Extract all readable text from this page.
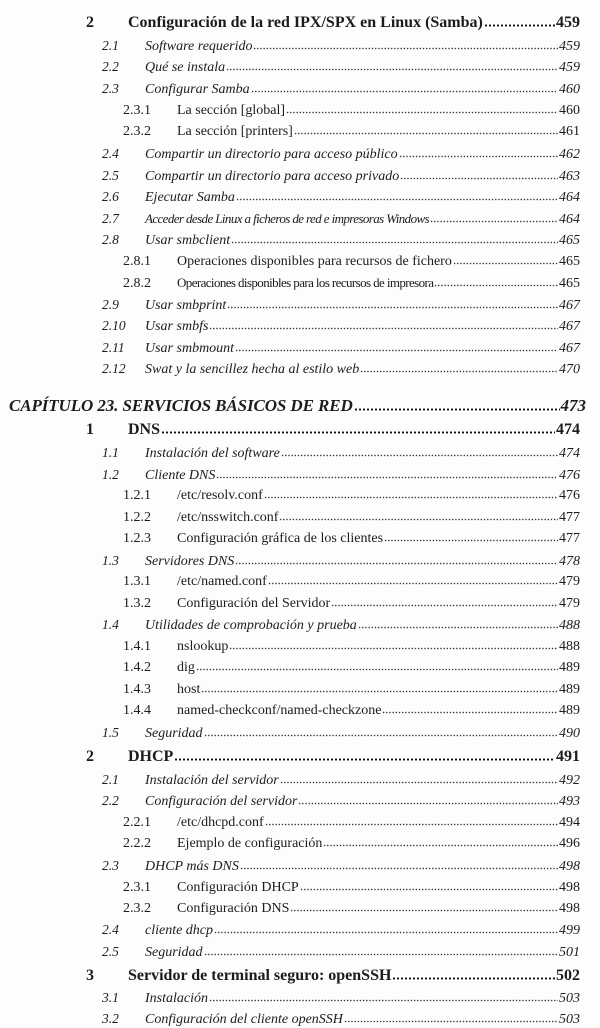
2	Configuración de la red IPX/SPX en Linux (Samba)	459
2.1	Software requerido	459
2.2	Qué se instala	459
2.3	Configurar Samba	460
2.3.1	La sección [global]	460
2.3.2	La sección [printers]	461
2.4	Compartir un directorio para acceso público	462
2.5	Compartir un directorio para acceso privado	463
2.6	Ejecutar Samba	464
2.7	Acceder desde Linux a ficheros de red e impresoras Windows	464
2.8	Usar smbclient	465
2.8.1	Operaciones disponibles para recursos de fichero	465
2.8.2	Operaciones disponibles para los recursos de impresora	465
2.9	Usar smbprint	467
2.10	Usar smbfs	467
2.11	Usar smbmount	467
2.12	Swat y la sencillez hecha al estilo web	470
CAPÍTULO 23. SERVICIOS BÁSICOS DE RED	473
1	DNS	474
1.1	Instalación del software	474
1.2	Cliente DNS	476
1.2.1	/etc/resolv.conf	476
1.2.2	/etc/nsswitch.conf	477
1.2.3	Configuración gráfica de los clientes	477
1.3	Servidores DNS	478
1.3.1	/etc/named.conf	479
1.3.2	Configuración del Servidor	479
1.4	Utilidades de comprobación y prueba	488
1.4.1	nslookup	488
1.4.2	dig	489
1.4.3	host	489
1.4.4	named-checkconf/named-checkzone	489
1.5	Seguridad	490
2	DHCP	491
2.1	Instalación del servidor	492
2.2	Configuración del servidor	493
2.2.1	/etc/dhcpd.conf	494
2.2.2	Ejemplo de configuración	496
2.3	DHCP más DNS	498
2.3.1	Configuración DHCP	498
2.3.2	Configuración DNS	498
2.4	cliente dhcp	499
2.5	Seguridad	501
3	Servidor de terminal seguro: openSSH	502
3.1	Instalación	503
3.2	Configuración del cliente openSSH	503
